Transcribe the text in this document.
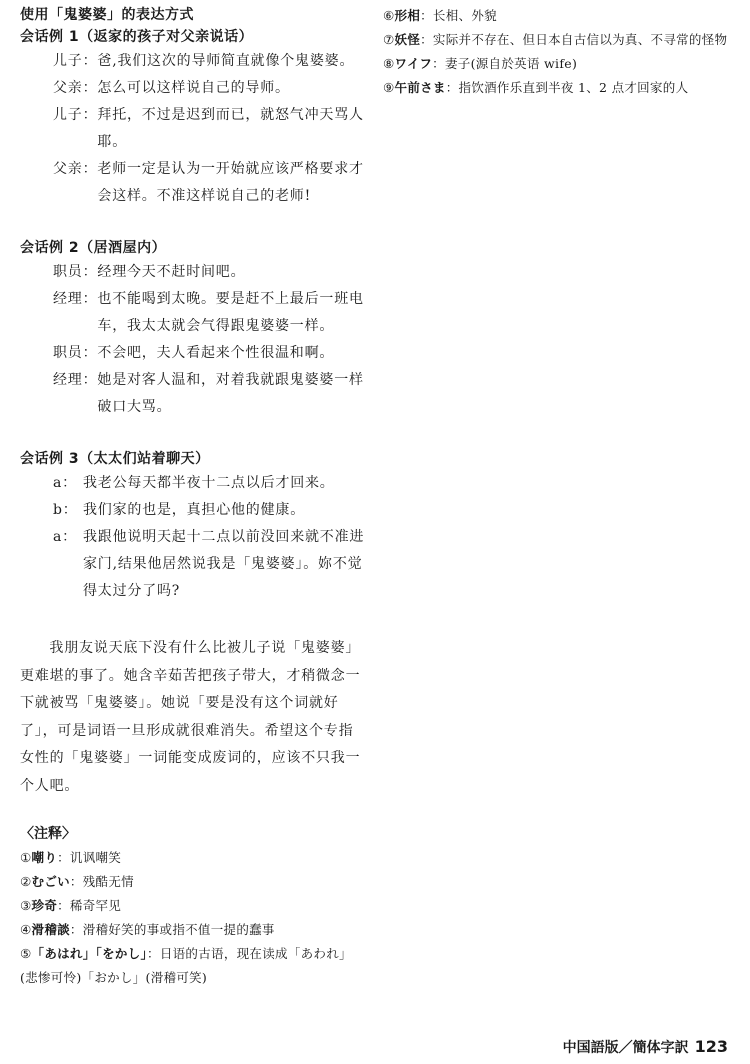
使用「鬼婆婆」的表达方式
会话例 1（返家的孩子对父亲说话）
儿子： 爸,我们这次的导师简直就像个鬼婆婆。
父亲： 怎么可以这样说自己的导师。
儿子： 拜托，不过是迟到而已，就怒气冲天骂人耶。
父亲： 老师一定是认为一开始就应该严格要求才会这样。不准这样说自己的老师!
会话例 2（居酒屋内）
职员： 经理今天不赶时间吧。
经理： 也不能喝到太晚。要是赶不上最后一班电车，我太太就会气得跟鬼婆婆一样。
职员： 不会吧，夫人看起来个性很温和啊。
经理： 她是对客人温和，对着我就跟鬼婆婆一样破口大骂。
会话例 3（太太们站着聊天）
a： 我老公每天都半夜十二点以后才回来。
b： 我们家的也是，真担心他的健康。
a： 我跟他说明天起十二点以前没回来就不准进家门,结果他居然说我是「鬼婆婆」。妳不觉得太过分了吗?

我朋友说天底下没有什么比被儿子说「鬼婆婆」更难堪的事了。她含辛茹苦把孩子带大，才稍微念一下就被骂「鬼婆婆」。她说「要是没有这个词就好了」，可是词语一旦形成就很难消失。希望这个专指女性的「鬼婆婆」一词能变成废词的，应该不只我一个人吧。

〈注释〉
① 嘲り ：讥讽嘲笑
② むごい ：残酷无情
③ 珍奇 ：稀奇罕见
④ 滑稽談 ：滑稽好笑的事或指不值一提的蠢事
⑤「あはれ」「をかし」：日语的古语，现在读成「あわれ」(悲惨可怜)「おかし」(滑稽可笑)
⑥ 形相 ：长相、外貌
⑦ 妖怪 ：实际并不存在、但日本自古信以为真、不寻常的怪物
⑧ ワイフ ：妻子(源自於英语 wife)
⑨ 午前さま ：指饮酒作乐直到半夜 1、2 点才回家的人
中国語版／簡体字訳 123
